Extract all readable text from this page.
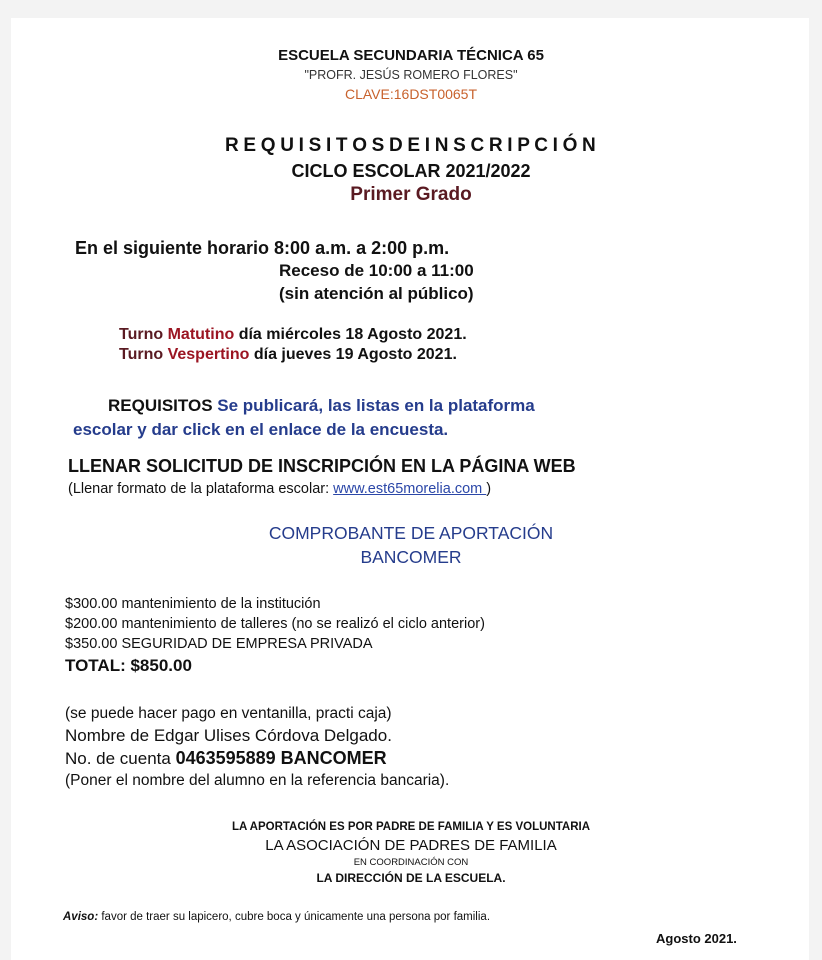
ESCUELA SECUNDARIA TÉCNICA 65
"PROFR. JESÚS ROMERO FLORES"
CLAVE:16DST0065T
R E Q U I S I T O S D E I N S C R I P C I Ó N
CICLO ESCOLAR 2021/2022
Primer Grado
En el siguiente horario 8:00 a.m. a 2:00 p.m.
Receso de 10:00 a 11:00
(sin atención al público)
Turno Matutino día miércoles 18 Agosto 2021.
Turno Vespertino día jueves 19 Agosto 2021.
REQUISITOS Se publicará, las listas en la plataforma
escolar y dar click en el enlace de la encuesta.
LLENAR SOLICITUD DE INSCRIPCIÓN EN LA PÁGINA WEB
(Llenar formato de la plataforma escolar: www.est65morelia.com )
COMPROBANTE DE APORTACIÓN
BANCOMER
$300.00 mantenimiento de la institución
$200.00 mantenimiento de talleres (no se realizó el ciclo anterior)
$350.00 SEGURIDAD DE EMPRESA PRIVADA
TOTAL: $850.00
(se puede hacer pago en ventanilla, practi caja)
Nombre de Edgar Ulises Córdova Delgado.
No. de cuenta 0463595889 BANCOMER
(Poner el nombre del alumno en la referencia bancaria).
LA APORTACIÓN ES POR PADRE DE FAMILIA Y ES VOLUNTARIA
LA ASOCIACIÓN DE PADRES DE FAMILIA
EN COORDINACIÓN CON
LA DIRECCIÓN DE LA ESCUELA.
Aviso: favor de traer su lapicero, cubre boca y únicamente una persona por familia.
Agosto 2021.
